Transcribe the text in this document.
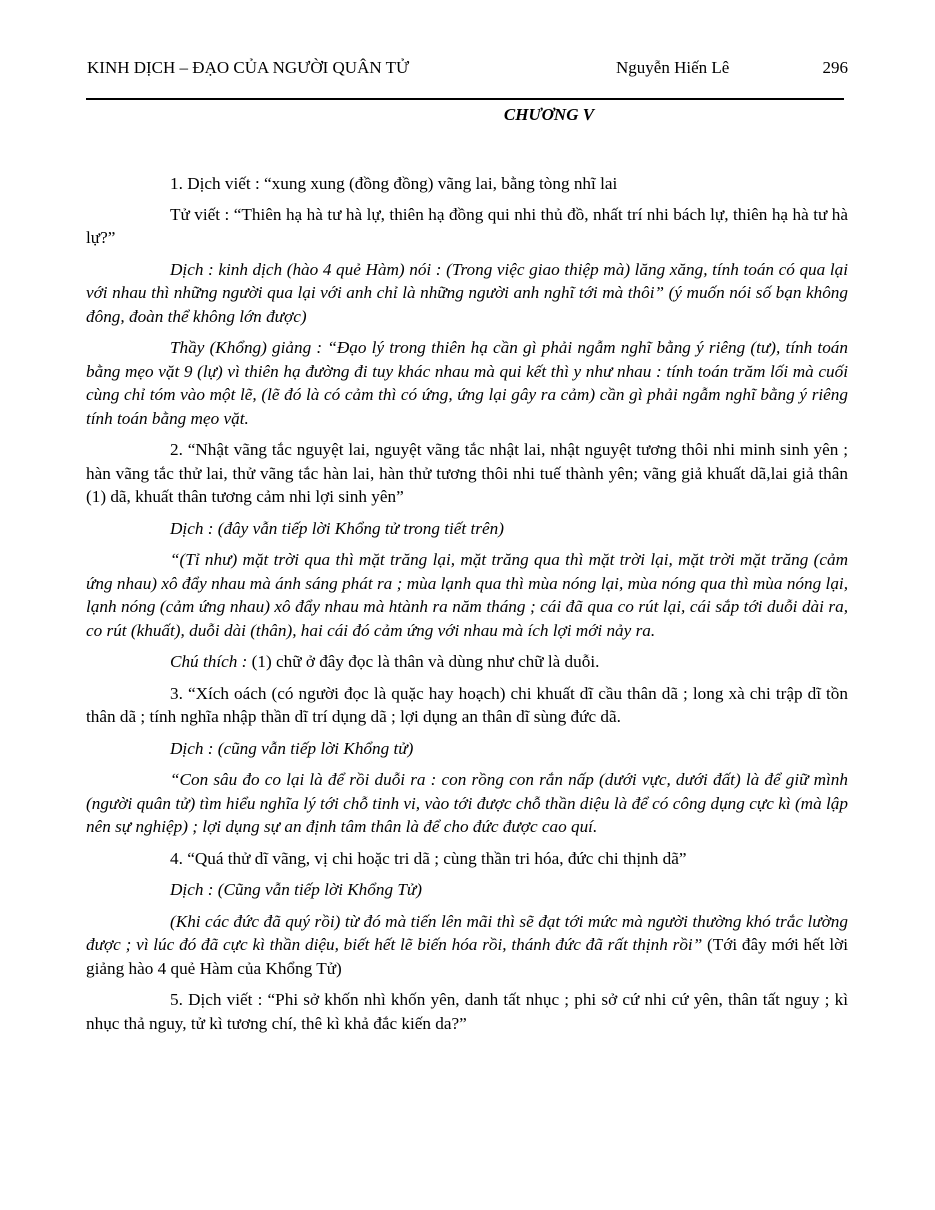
KINH DỊCH – ĐẠO CỦA NGƯỜI QUÂN TỬ	Nguyễn Hiến Lê	296
CHƯƠNG V

1. Dịch viết : “xung xung (đồng đồng) vãng lai, bằng tòng nhĩ lai

Tử viết : “Thiên hạ hà tư hà lự, thiên hạ đồng qui nhi thủ đồ, nhất trí nhi bách lự, thiên hạ hà tư hà lự?”

Dịch : kinh dịch (hào 4 quẻ Hàm) nói : (Trong việc giao thiệp mà) lăng xăng, tính toán có qua lại với nhau thì những người qua lại với anh chỉ là những người anh nghĩ tới mà thôi” (ý muốn nói số bạn không đông, đoàn thể không lớn được)

Thầy (Khổng) giảng : “Đạo lý trong thiên hạ cần gì phải ngẫm nghĩ bằng ý riêng (tư), tính toán bằng mẹo vặt 9 (lự) vì thiên hạ đường đi tuy khác nhau mà qui kết thì y như nhau : tính toán trăm lối mà cuối cùng chỉ tóm vào một lẽ, (lẽ đó là có cảm thì có ứng, ứng lại gây ra cảm) cần gì phải ngẫm nghĩ bằng ý riêng tính toán bằng mẹo vặt.

2. “Nhật vãng tắc nguyệt lai, nguyệt vãng tắc nhật lai, nhật nguyệt tương thôi nhi minh sinh yên ; hàn vãng tắc thử lai, thử vãng tắc hàn lai, hàn thử tương thôi nhi tuế thành yên; vãng giả khuất dã,lai giả thân (1) dã, khuất thân tương cảm nhi lợi sinh yên”

Dịch : (đây vẫn tiếp lời Khổng tử trong tiết trên)

“(Tỉ như) mặt trời qua thì mặt trăng lại, mặt trăng qua thì mặt trời lại, mặt trời mặt trăng (cảm ứng nhau) xô đẩy nhau mà ánh sáng phát ra ; mùa lạnh qua thì mùa nóng lại, mùa nóng qua thì mùa nóng lại, lạnh nóng (cảm ứng nhau) xô đẩy nhau mà htành ra năm tháng ; cái đã qua co rút lại, cái sắp tới duỗi dài ra, co rút (khuất), duỗi dài (thân), hai cái đó cảm ứng với nhau mà ích lợi mới nảy ra.

Chú thích : (1) chữ ở đây đọc là thân và dùng như chữ là duỗi.

3. “Xích oách (có người đọc là quặc hay hoạch) chi khuất dĩ cầu thân dã ; long xà chi trập dĩ tồn thân dã ; tính nghĩa nhập thần dĩ trí dụng dã ; lợi dụng an thân dĩ sùng đức dã.

Dịch : (cũng vẫn tiếp lời Khổng tử)

“Con sâu đo co lại là để rồi duỗi ra : con rồng con rắn nấp (dưới vực, dưới đất) là để giữ mình (người quân tử) tìm hiểu nghĩa lý tới chỗ tinh vi, vào tới được chỗ thần diệu là để có công dụng cực kì (mà lập nên sự nghiệp) ; lợi dụng sự an định tâm thân là để cho đức được cao quí.

4. “Quá thử dĩ vãng, vị chi hoặc tri dã ; cùng thần tri hóa, đức chi thịnh dã”

Dịch : (Cũng vẫn tiếp lời Khổng Tử)

(Khi các đức đã quý rồi) từ đó mà tiến lên mãi thì sẽ đạt tới mức mà người thường khó trắc lường được ; vì lúc đó đã cực kì thần diệu, biết hết lẽ biến hóa rồi, thánh đức đã rất thịnh rồi” (Tới đây mới hết lời giảng hào 4 quẻ Hàm của Khổng Tử)

5. Dịch viết : “Phi sở khốn nhì khốn yên, danh tất nhục ; phi sở cứ nhi cứ yên, thân tất nguy ; kì nhục thả nguy, tử kì tương chí, thê kì khả đắc kiến da?”
